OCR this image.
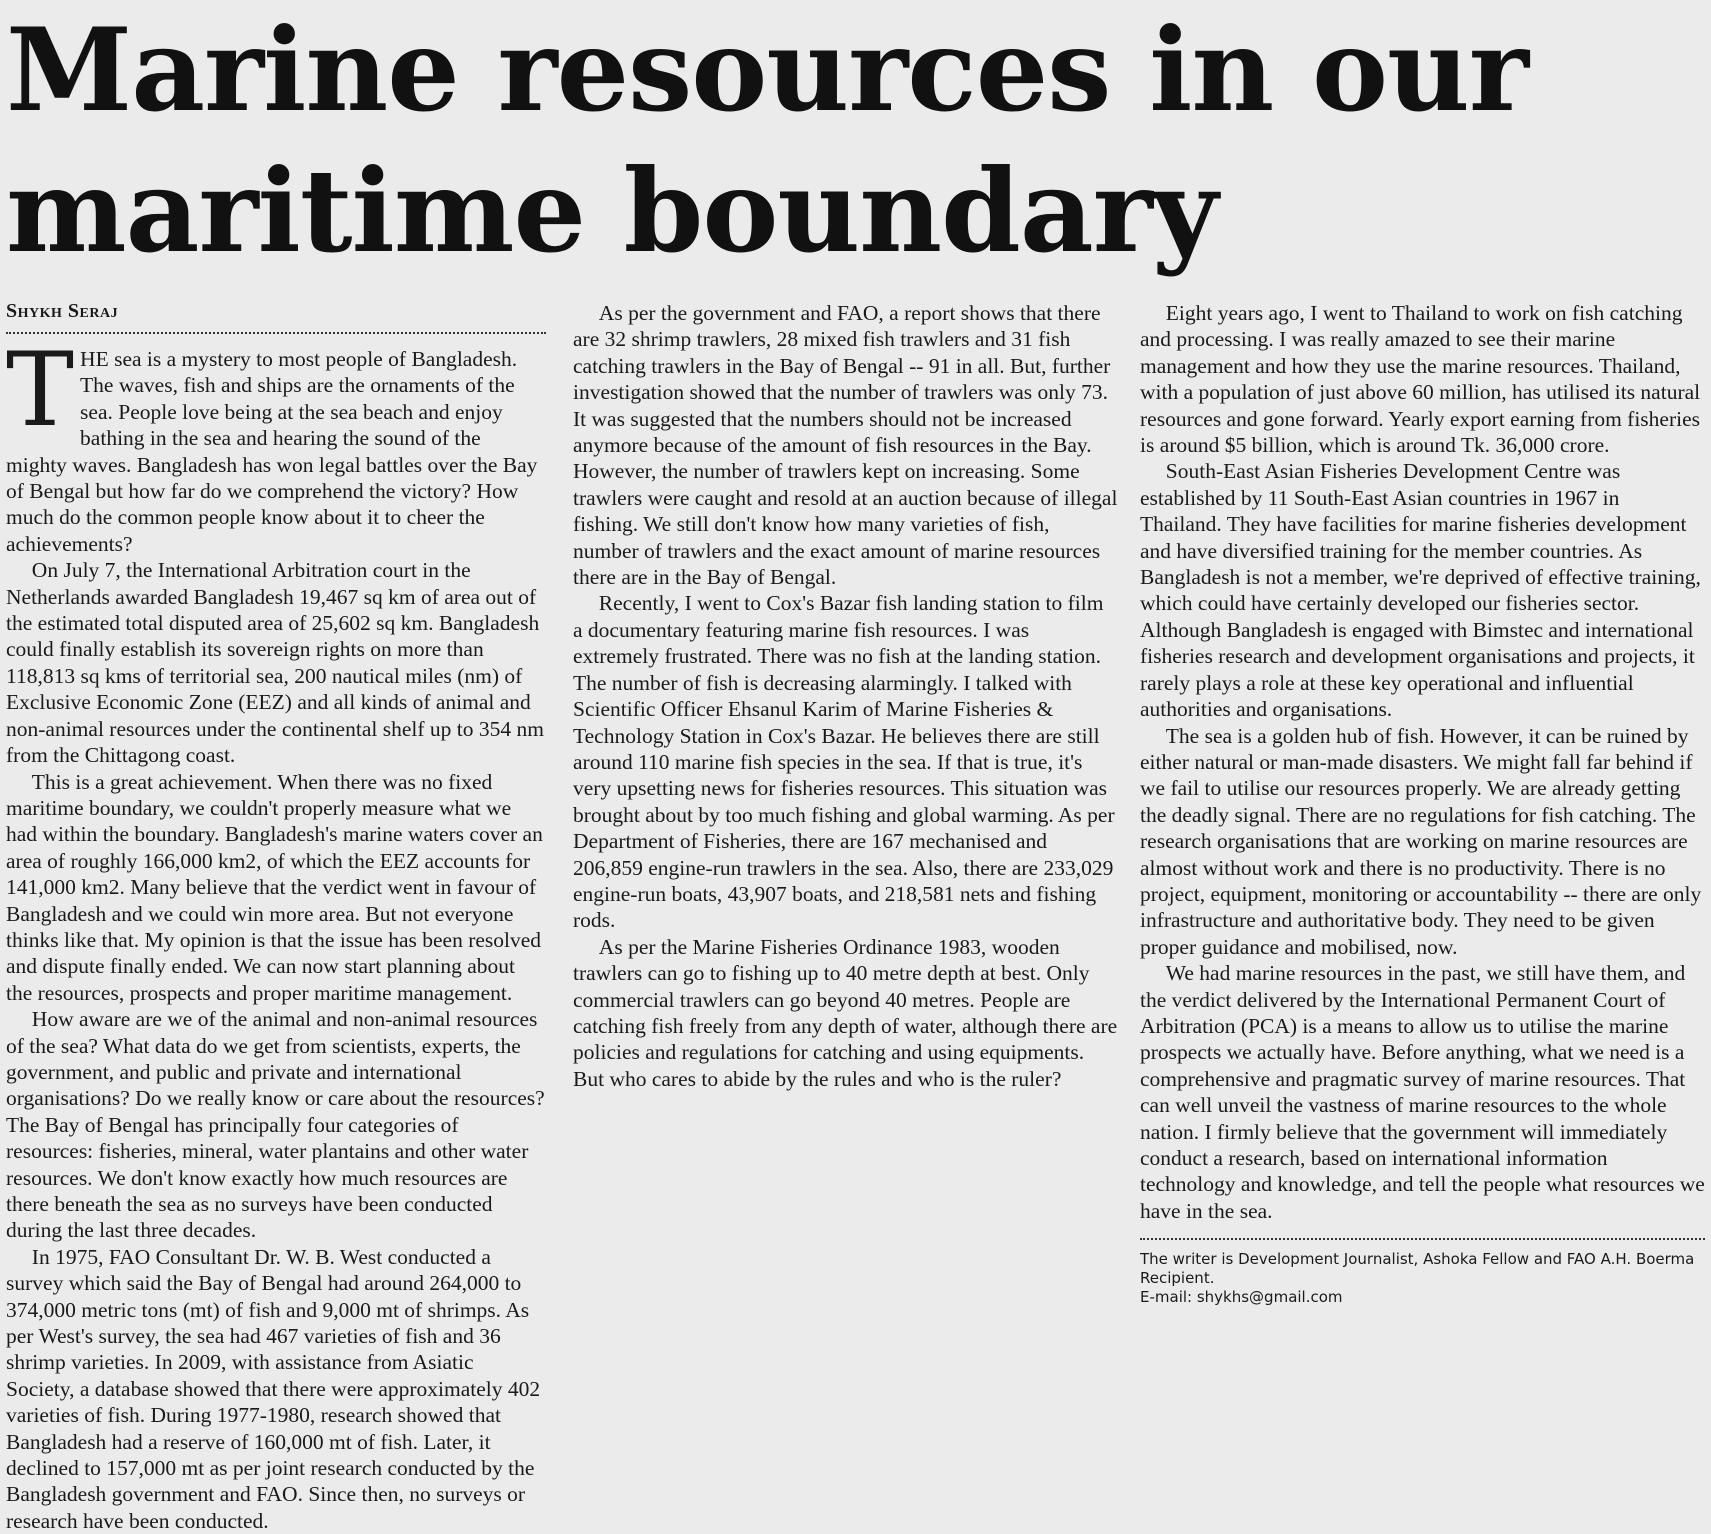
Marine resources in our
maritime boundary
Shykh Seraj

THE sea is a mystery to most people of Bangladesh. The waves, fish and ships are the ornaments of the sea. People love being at the sea beach and enjoy bathing in the sea and hearing the sound of the mighty waves. Bangladesh has won legal battles over the Bay of Bengal but how far do we comprehend the victory? How much do the common people know about it to cheer the achievements?

On July 7, the International Arbitration court in the Netherlands awarded Bangladesh 19,467 sq km of area out of the estimated total disputed area of 25,602 sq km. Bangladesh could finally establish its sovereign rights on more than 118,813 sq kms of territorial sea, 200 nautical miles (nm) of Exclusive Economic Zone (EEZ) and all kinds of animal and non-animal resources under the continental shelf up to 354 nm from the Chittagong coast.

This is a great achievement. When there was no fixed maritime boundary, we couldn't properly measure what we had within the boundary. Bangladesh's marine waters cover an area of roughly 166,000 km2, of which the EEZ accounts for 141,000 km2. Many believe that the verdict went in favour of Bangladesh and we could win more area. But not everyone thinks like that. My opinion is that the issue has been resolved and dispute finally ended. We can now start planning about the resources, prospects and proper maritime management.

How aware are we of the animal and non-animal resources of the sea? What data do we get from scientists, experts, the government, and public and private and international organisations? Do we really know or care about the resources? The Bay of Bengal has principally four categories of resources: fisheries, mineral, water plantains and other water resources. We don't know exactly how much resources are there beneath the sea as no surveys have been conducted during the last three decades.

In 1975, FAO Consultant Dr. W. B. West conducted a survey which said the Bay of Bengal had around 264,000 to 374,000 metric tons (mt) of fish and 9,000 mt of shrimps. As per West's survey, the sea had 467 varieties of fish and 36 shrimp varieties. In 2009, with assistance from Asiatic Society, a database showed that there were approximately 402 varieties of fish. During 1977-1980, research showed that Bangladesh had a reserve of 160,000 mt of fish. Later, it declined to 157,000 mt as per joint research conducted by the Bangladesh government and FAO. Since then, no surveys or research have been conducted.

As per the government and FAO, a report shows that there are 32 shrimp trawlers, 28 mixed fish trawlers and 31 fish catching trawlers in the Bay of Bengal -- 91 in all. But, further investigation showed that the number of trawlers was only 73. It was suggested that the numbers should not be increased anymore because of the amount of fish resources in the Bay. However, the number of trawlers kept on increasing. Some trawlers were caught and resold at an auction because of illegal fishing. We still don't know how many varieties of fish, number of trawlers and the exact amount of marine resources there are in the Bay of Bengal.

Recently, I went to Cox's Bazar fish landing station to film a documentary featuring marine fish resources. I was extremely frustrated. There was no fish at the landing station. The number of fish is decreasing alarmingly. I talked with Scientific Officer Ehsanul Karim of Marine Fisheries & Technology Station in Cox's Bazar. He believes there are still around 110 marine fish species in the sea. If that is true, it's very upsetting news for fisheries resources. This situation was brought about by too much fishing and global warming. As per Department of Fisheries, there are 167 mechanised and 206,859 engine-run trawlers in the sea. Also, there are 233,029 engine-run boats, 43,907 boats, and 218,581 nets and fishing rods.

As per the Marine Fisheries Ordinance 1983, wooden trawlers can go to fishing up to 40 metre depth at best. Only commercial trawlers can go beyond 40 metres. People are catching fish freely from any depth of water, although there are policies and regulations for catching and using equipments. But who cares to abide by the rules and who is the ruler?

Eight years ago, I went to Thailand to work on fish catching and processing. I was really amazed to see their marine management and how they use the marine resources. Thailand, with a population of just above 60 million, has utilised its natural resources and gone forward. Yearly export earning from fisheries is around $5 billion, which is around Tk. 36,000 crore.

South-East Asian Fisheries Development Centre was established by 11 South-East Asian countries in 1967 in Thailand. They have facilities for marine fisheries development and have diversified training for the member countries. As Bangladesh is not a member, we're deprived of effective training, which could have certainly developed our fisheries sector. Although Bangladesh is engaged with Bimstec and international fisheries research and development organisations and projects, it rarely plays a role at these key operational and influential authorities and organisations.

The sea is a golden hub of fish. However, it can be ruined by either natural or man-made disasters. We might fall far behind if we fail to utilise our resources properly. We are already getting the deadly signal. There are no regulations for fish catching. The research organisations that are working on marine resources are almost without work and there is no productivity. There is no project, equipment, monitoring or accountability -- there are only infrastructure and authoritative body. They need to be given proper guidance and mobilised, now.

We had marine resources in the past, we still have them, and the verdict delivered by the International Permanent Court of Arbitration (PCA) is a means to allow us to utilise the marine prospects we actually have. Before anything, what we need is a comprehensive and pragmatic survey of marine resources. That can well unveil the vastness of marine resources to the whole nation. I firmly believe that the government will immediately conduct a research, based on international information technology and knowledge, and tell the people what resources we have in the sea.

The writer is Development Journalist, Ashoka Fellow and FAO A.H. Boerma Recipient.
E-mail: shykhs@gmail.com
